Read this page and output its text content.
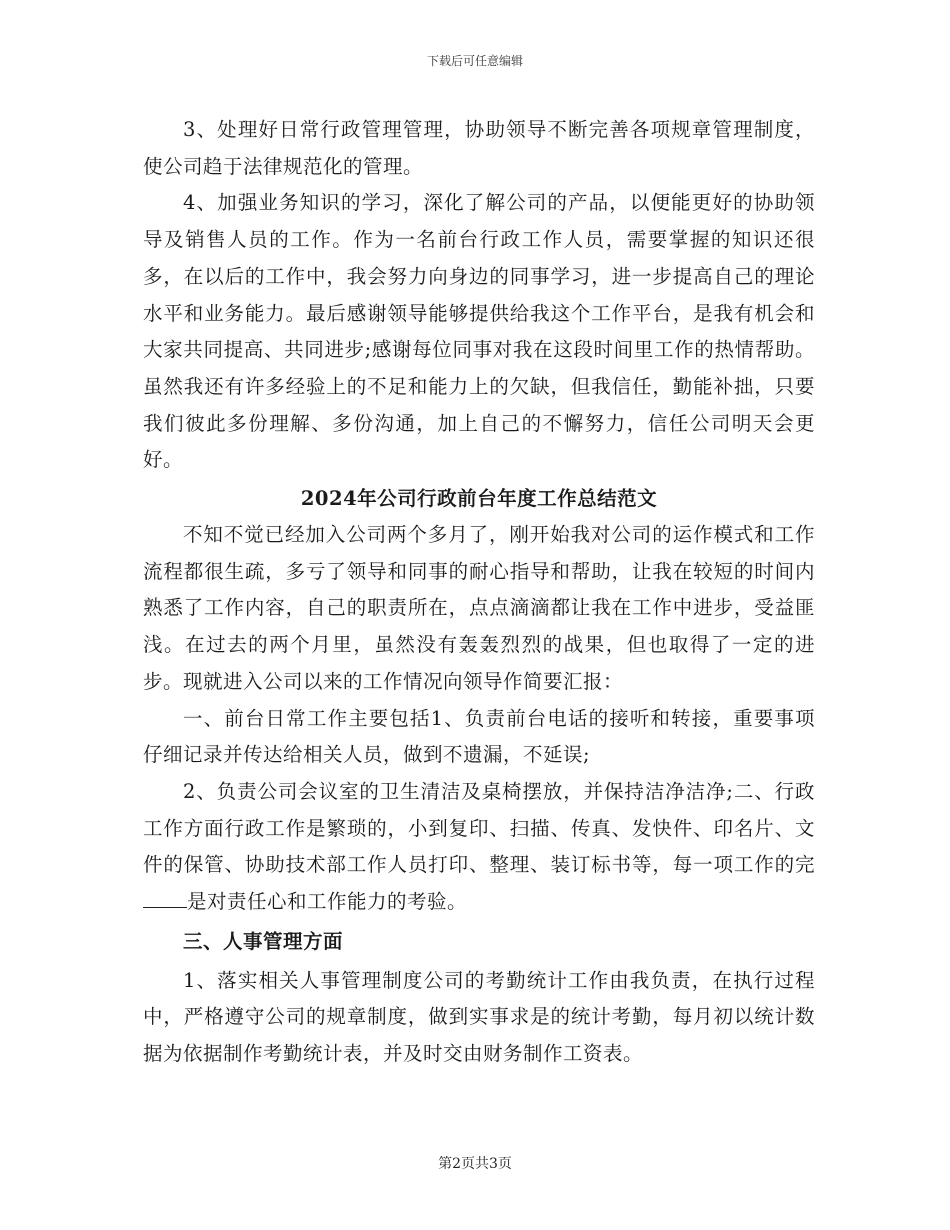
下载后可任意编辑

3、处理好日常行政管理管理，协助领导不断完善各项规章管理制度，使公司趋于法律规范化的管理。

4、加强业务知识的学习，深化了解公司的产品，以便能更好的协助领导及销售人员的工作。作为一名前台行政工作人员，需要掌握的知识还很多，在以后的工作中，我会努力向身边的同事学习，进一步提高自己的理论水平和业务能力。最后感谢领导能够提供给我这个工作平台，是我有机会和大家共同提高、共同进步;感谢每位同事对我在这段时间里工作的热情帮助。虽然我还有许多经验上的不足和能力上的欠缺，但我信任，勤能补拙，只要我们彼此多份理解、多份沟通，加上自己的不懈努力，信任公司明天会更好。

2024年公司行政前台年度工作总结范文

不知不觉已经加入公司两个多月了，刚开始我对公司的运作模式和工作流程都很生疏，多亏了领导和同事的耐心指导和帮助，让我在较短的时间内熟悉了工作内容，自己的职责所在，点点滴滴都让我在工作中进步，受益匪浅。在过去的两个月里，虽然没有轰轰烈烈的战果，但也取得了一定的进步。现就进入公司以来的工作情况向领导作简要汇报：

一、前台日常工作主要包括1、负责前台电话的接听和转接，重要事项仔细记录并传达给相关人员，做到不遗漏，不延误;

2、负责公司会议室的卫生清洁及桌椅摆放，并保持洁净洁净;二、行政工作方面行政工作是繁琐的，小到复印、扫描、传真、发快件、印名片、文件的保管、协助技术部工作人员打印、整理、装订标书等，每一项工作的完是对责任心和工作能力的考验。

三、人事管理方面

1、落实相关人事管理制度公司的考勤统计工作由我负责，在执行过程中，严格遵守公司的规章制度，做到实事求是的统计考勤，每月初以统计数据为依据制作考勤统计表，并及时交由财务制作工资表。

第2页共3页
